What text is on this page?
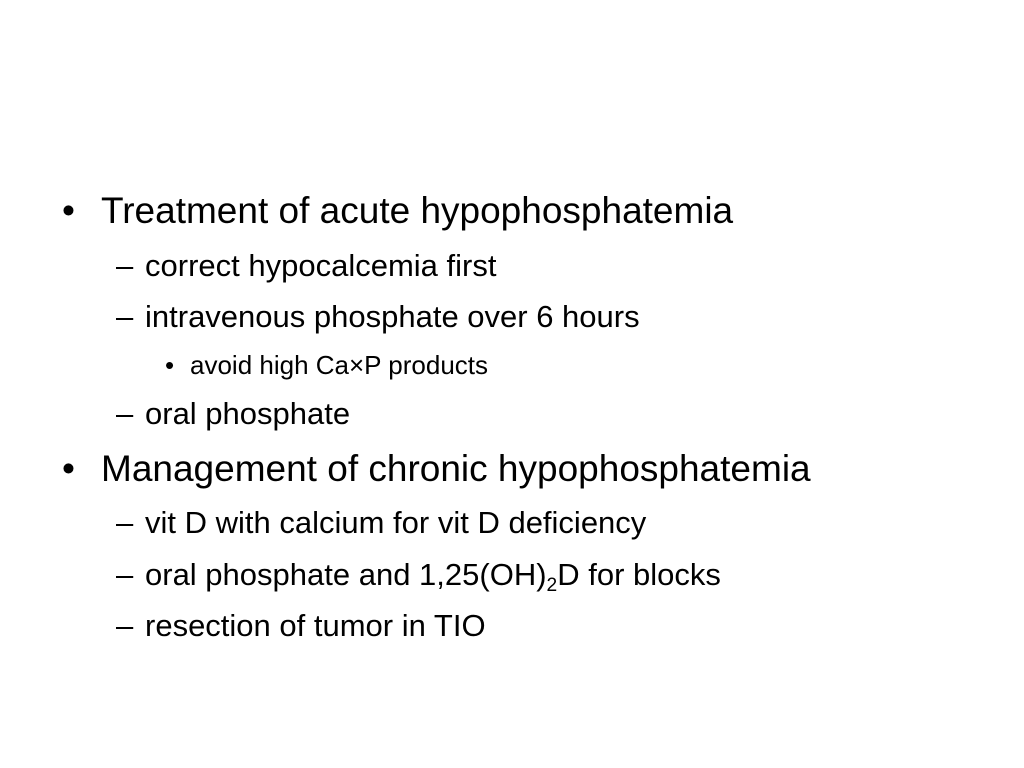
• Treatment of acute hypophosphatemia
– correct hypocalcemia first
– intravenous phosphate over 6 hours
• avoid high Ca×P products
– oral phosphate
• Management of chronic hypophosphatemia
– vit D with calcium for vit D deficiency
– oral phosphate and $1,25(OH)_2D$ for blocks
– resection of tumor in TIO
